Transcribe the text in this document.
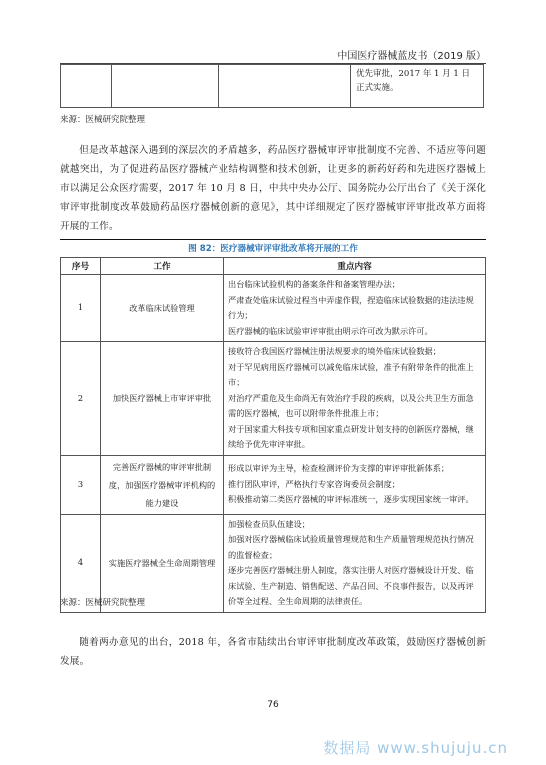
中国医疗器械蓝皮书（2019 版）
			优先审批，2017 年 1 月 1 日正式实施。
来源：医械研究院整理
但是改革越深入遇到的深层次的矛盾越多，药品医疗器械审评审批制度不完善、不适应等问题就越突出，为了促进药品医疗器械产业结构调整和技术创新，让更多的新药好药和先进医疗器械上市以满足公众医疗需要，2017 年 10 月 8 日，中共中央办公厅、国务院办公厅出台了《关于深化审评审批制度改革鼓励药品医疗器械创新的意见》，其中详细规定了医疗器械审评审批改革方面将开展的工作。
图 82：医疗器械审评审批改革将开展的工作
序号	工作	重点内容
1	改革临床试验管理	出台临床试验机构的备案条件和备案管理办法；
严肃查处临床试验过程当中弄虚作假，捏造临床试验数据的违法违规行为；
医疗器械的临床试验审评审批由明示许可改为默示许可。

2	加快医疗器械上市审评审批	接收符合我国医疗器械注册法规要求的境外临床试验数据；
对于罕见病用医疗器械可以减免临床试验，准予有附带条件的批准上市；
对治疗严重危及生命尚无有效治疗手段的疾病，以及公共卫生方面急需的医疗器械，也可以附带条件批准上市；
对于国家重大科技专项和国家重点研发计划支持的创新医疗器械，继续给予优先审评审批。

3	完善医疗器械的审评审批制度，加强医疗器械审评机构的能力建设	形成以审评为主导，检查检测评价为支撑的审评审批新体系；
推行团队审评，严格执行专家咨询委员会制度；
积极推动第二类医疗器械的审评标准统一，逐步实现国家统一审评。

4	实施医疗器械全生命周期管理	加强检查员队伍建设；
加强对医疗器械临床试验质量管理规范和生产质量管理规范执行情况的监督检查；
逐步完善医疗器械注册人制度，落实注册人对医疗器械设计开发、临床试验、生产制造、销售配送、产品召回、不良事件报告，以及再评价等全过程、全生命周期的法律责任。
来源：医械研究院整理
随着两办意见的出台，2018 年，各省市陆续出台审评审批制度改革政策，鼓励医疗器械创新发展。
76
数据局 www.shujuju.cn
